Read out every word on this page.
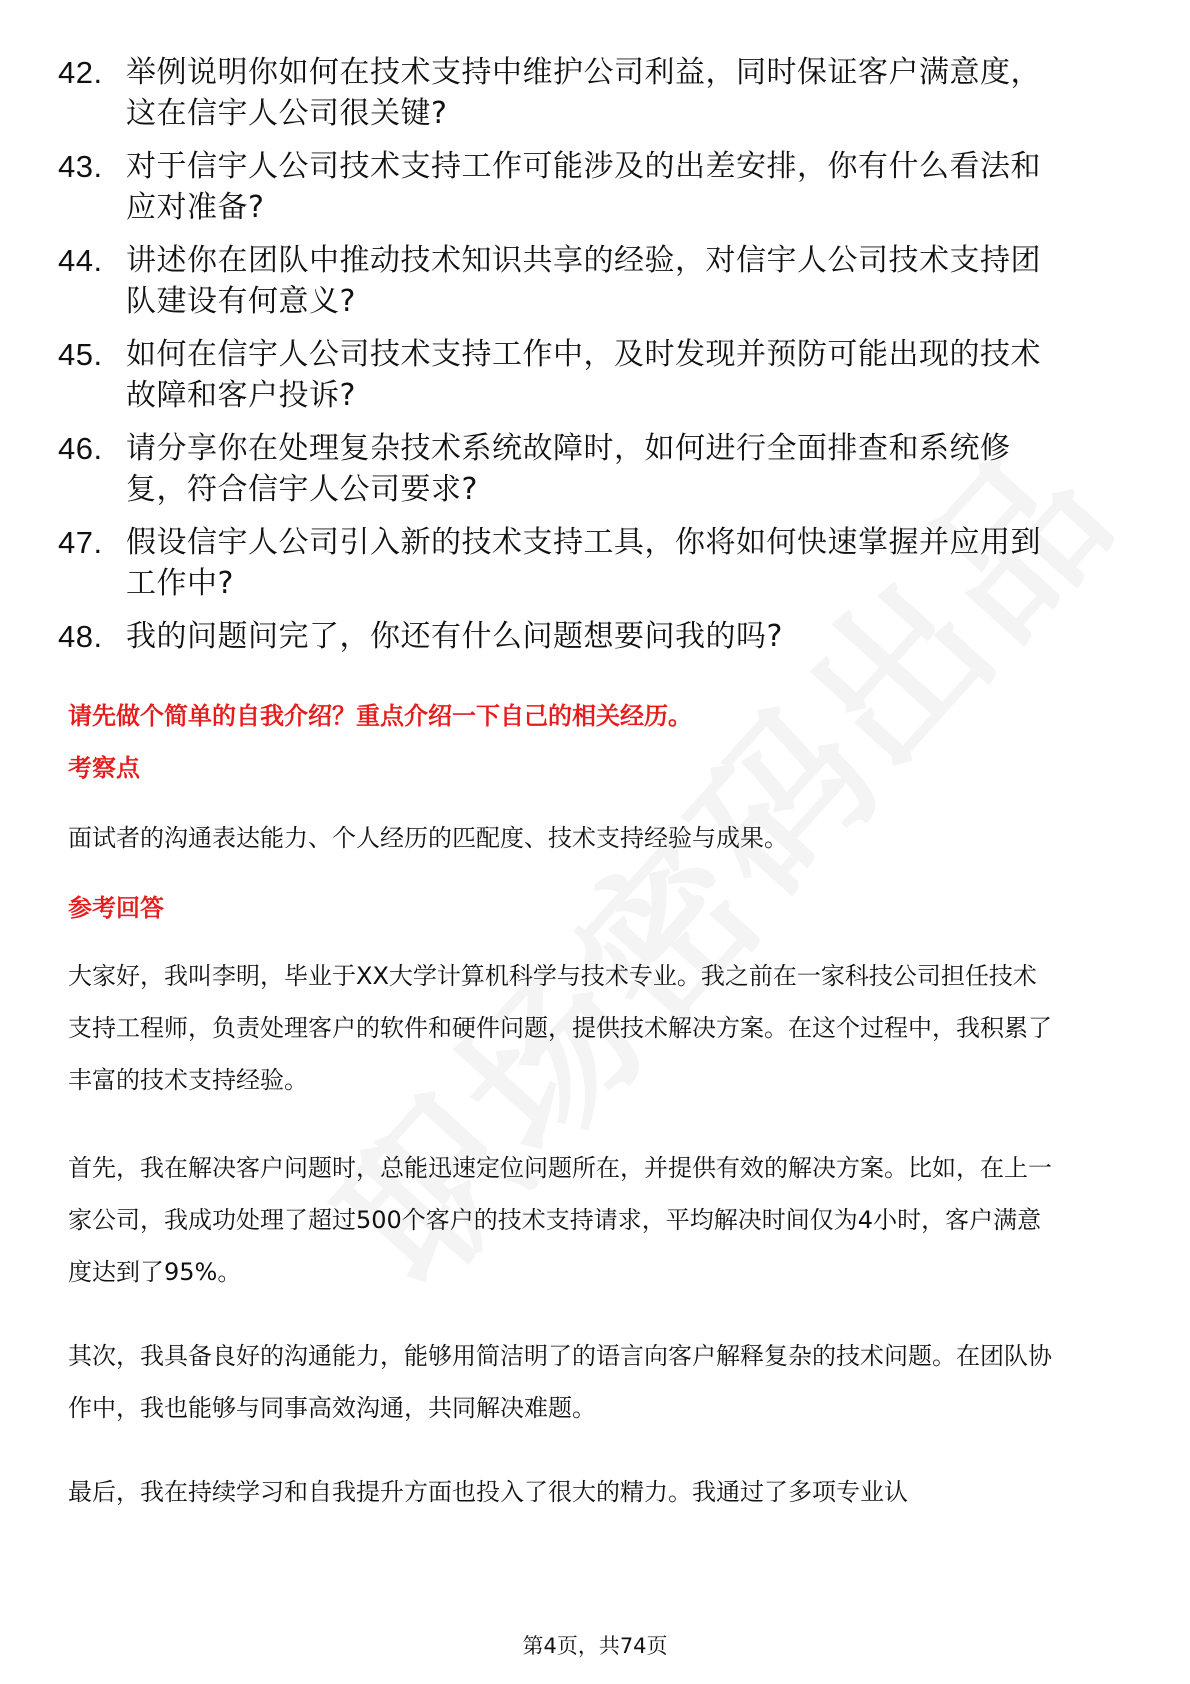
42. 举例说明你如何在技术支持中维护公司利益，同时保证客户满意度，这在信宇人公司很关键?
43. 对于信宇人公司技术支持工作可能涉及的出差安排，你有什么看法和应对准备?
44. 讲述你在团队中推动技术知识共享的经验，对信宇人公司技术支持团队建设有何意义?
45. 如何在信宇人公司技术支持工作中，及时发现并预防可能出现的技术故障和客户投诉?
46. 请分享你在处理复杂技术系统故障时，如何进行全面排查和系统修复，符合信宇人公司要求?
47. 假设信宇人公司引入新的技术支持工具，你将如何快速掌握并应用到工作中?
48. 我的问题问完了，你还有什么问题想要问我的吗?
请先做个简单的自我介绍？重点介绍一下自己的相关经历。
考察点
面试者的沟通表达能力、个人经历的匹配度、技术支持经验与成果。
参考回答
大家好，我叫李明，毕业于XX大学计算机科学与技术专业。我之前在一家科技公司担任技术支持工程师，负责处理客户的软件和硬件问题，提供技术解决方案。在这个过程中，我积累了丰富的技术支持经验。
首先，我在解决客户问题时，总能迅速定位问题所在，并提供有效的解决方案。比如，在上一家公司，我成功处理了超过500个客户的技术支持请求，平均解决时间仅为4小时，客户满意度达到了95%。
其次，我具备良好的沟通能力，能够用简洁明了的语言向客户解释复杂的技术问题。在团队协作中，我也能够与同事高效沟通，共同解决难题。
最后，我在持续学习和自我提升方面也投入了很大的精力。我通过了多项专业认
第4页，共74页
